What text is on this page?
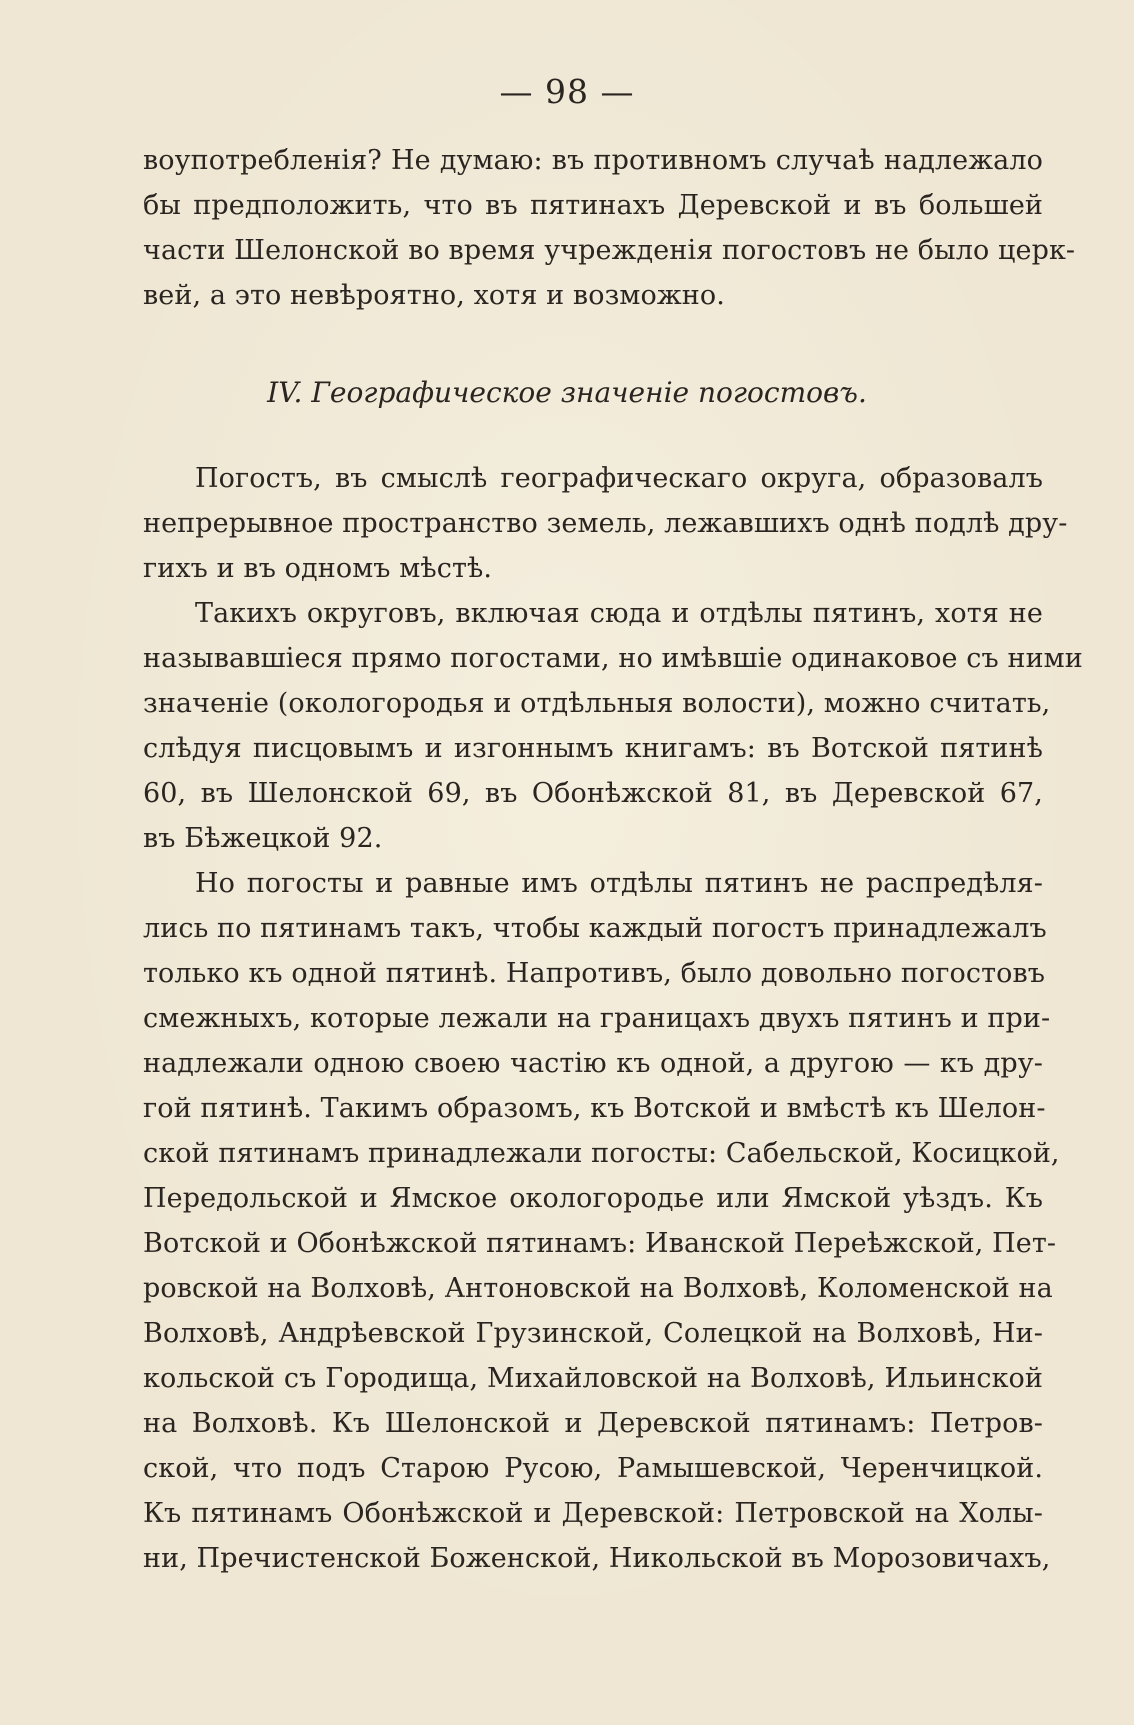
— 98 —
воупотребленія? Не думаю: въ противномъ случаѣ надлежало
бы предположить, что въ пятинахъ Деревской и въ большей
части Шелонской во время учрежденія погостовъ не было церк-
вей, а это невѣроятно, хотя и возможно.
IV. Географическое значеніе погостовъ.
Погостъ, въ смыслѣ географическаго округа, образовалъ
непрерывное пространство земель, лежавшихъ однѣ подлѣ дру-
гихъ и въ одномъ мѣстѣ.
Такихъ округовъ, включая сюда и отдѣлы пятинъ, хотя не
называвшіеся прямо погостами, но имѣвшіе одинаковое съ ними
значеніе (окологородья и отдѣльныя волости), можно считать,
слѣдуя писцовымъ и изгоннымъ книгамъ: въ Вотской пятинѣ
60, въ Шелонской 69, въ Обонѣжской 81, въ Деревской 67,
въ Бѣжецкой 92.
Но погосты и равные имъ отдѣлы пятинъ не распредѣля-
лись по пятинамъ такъ, чтобы каждый погостъ принадлежалъ
только къ одной пятинѣ. Напротивъ, было довольно погостовъ
смежныхъ, которые лежали на границахъ двухъ пятинъ и при-
надлежали одною своею частію къ одной, а другою — къ дру-
гой пятинѣ. Такимъ образомъ, къ Вотской и вмѣстѣ къ Шелон-
ской пятинамъ принадлежали погосты: Сабельской, Косицкой,
Передольской и Ямское окологородье или Ямской уѣздъ. Къ
Вотской и Обонѣжской пятинамъ: Иванской Переѣжской, Пет-
ровской на Волховѣ, Антоновской на Волховѣ, Коломенской на
Волховѣ, Андрѣевской Грузинской, Солецкой на Волховѣ, Ни-
кольской съ Городища, Михайловской на Волховѣ, Ильинской
на Волховѣ. Къ Шелонской и Деревской пятинамъ: Петров-
ской, что подъ Старою Русою, Рамышевской, Черенчицкой.
Къ пятинамъ Обонѣжской и Деревской: Петровской на Холы-
ни, Пречистенской Боженской, Никольской въ Морозовичахъ,
